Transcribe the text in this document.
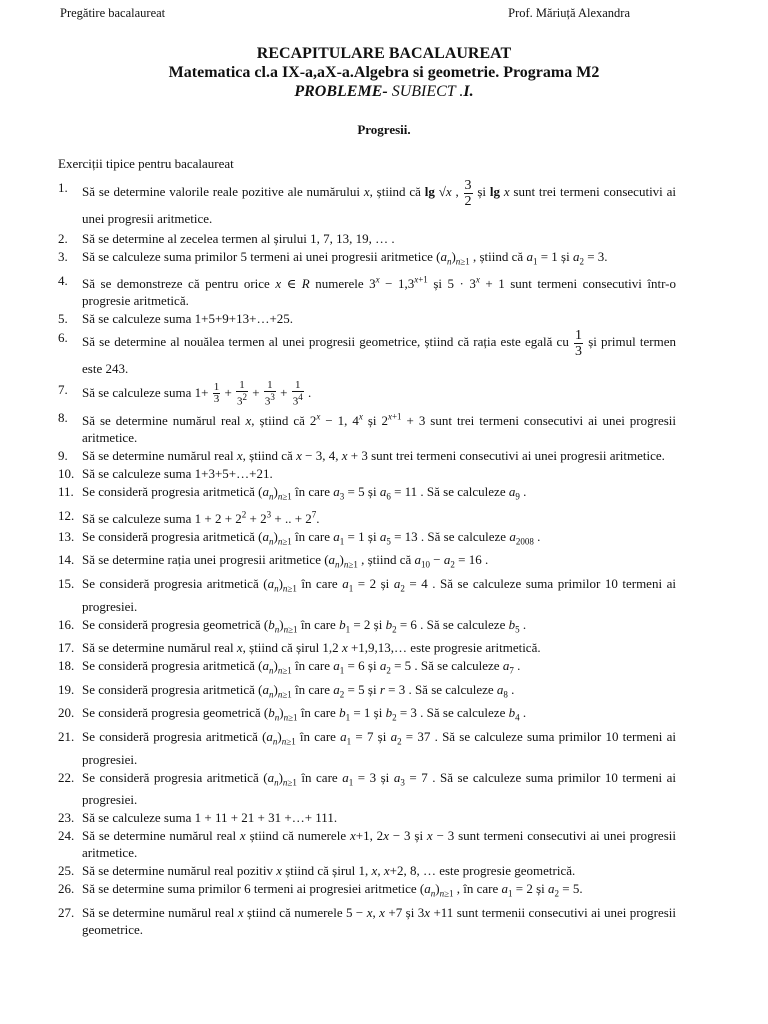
Pregătire bacalaureat	Prof. Măriuță Alexandra
RECAPITULARE BACALAUREAT
Matematica cl.a IX-a,aX-a.Algebra si geometrie. Programa M2
PROBLEME- SUBIECT .I.
Progresii.
Exerciții tipice pentru bacalaureat
1. Să se determine valorile reale pozitive ale numărului x, știind că lg √x , $\frac{3}{2}$ și lg x sunt trei termeni consecutivi ai unei progresii aritmetice.
2. Să se determine al zecelea termen al șirului 1, 7, 13, 19, … .
3. Să se calculeze suma primilor 5 termeni ai unei progresii aritmetice $(a_n)_{n\ge 1}$ , știind că $a_1 = 1$ și $a_2 = 3$.
4. Să se demonstreze că pentru orice x ∈ R numerele $3^x - 1,3^{x+1}$ și $5 \cdot 3^x + 1$ sunt termeni consecutivi într-o progresie aritmetică.
5. Să se calculeze suma 1+5+9+13+…+25.
6. Să se determine al nouălea termen al unei progresii geometrice, știind că rația este egală cu $\frac{1}{3}$ și primul termen este 243.
7. Să se calculeze suma $1+ \frac{1}{3} + \frac{1}{3^2} + \frac{1}{3^3} + \frac{1}{3^4}$ .
8. Să se determine numărul real x, știind că $2^x - 1$, 4$^x$ și $2^{x+1} + 3$ sunt trei termeni consecutivi ai unei progresii aritmetice.
9. Să se determine numărul real x, știind că x − 3, 4, x + 3 sunt trei termeni consecutivi ai unei progresii aritmetice.
10. Să se calculeze suma 1+3+5+…+21.
11. Se consideră progresia aritmetică $(a_n)_{n\ge 1}$ în care $a_3 = 5$ și $a_6 = 11$ . Să se calculeze $a_9$ .
12. Să se calculeze suma $1 + 2 + 2^2 + 2^3$ + .. + $2^7$.
13. Se consideră progresia aritmetică $(a_n)_{n\ge 1}$ în care $a_1 = 1$ și $a_5 = 13$ . Să se calculeze $a_{2008}$ .
14. Să se determine rația unei progresii aritmetice $(a_n)_{n\ge 1}$ , știind că $a_{10} - a_2 = 16$ .
15. Se consideră progresia aritmetică $(a_n)_{n\ge 1}$ în care $a_1 = 2$ și $a_2 = 4$ . Să se calculeze suma primilor 10 termeni ai progresiei.
16. Se consideră progresia geometrică $(b_n)_{n\ge 1}$ în care $b_1 = 2$ și $b_2 = 6$ . Să se calculeze $b_5$ .
17. Să se determine numărul real x, știind că șirul 1,2 x +1,9,13,… este progresie aritmetică.
18. Se consideră progresia aritmetică $(a_n)_{n\ge 1}$ în care $a_1 = 6$ și $a_2 = 5$ . Să se calculeze $a_7$ .
19. Se consideră progresia aritmetică $(a_n)_{n\ge 1}$ în care $a_2 = 5$ și r = 3 . Să se calculeze $a_8$ .
20. Se consideră progresia geometrică $(b_n)_{n\ge 1}$ în care $b_1 = 1$ și $b_2 = 3$ . Să se calculeze $b_4$ .
21. Se consideră progresia aritmetică $(a_n)_{n\ge 1}$ în care $a_1 = 7$ și $a_2 = 37$ . Să se calculeze suma primilor 10 termeni ai progresiei.
22. Se consideră progresia aritmetică $(a_n)_{n\ge 1}$ în care $a_1 = 3$ și $a_3 = 7$ . Să se calculeze suma primilor 10 termeni ai progresiei.
23. Să se calculeze suma 1 + 11 + 21 + 31 +…+ 111.
24. Să se determine numărul real x știind că numerele x+1, 2x − 3 și x − 3 sunt termeni consecutivi ai unei progresii aritmetice.
25. Să se determine numărul real pozitiv x știind că șirul 1, x, x+2, 8, … este progresie geometrică.
26. Să se determine suma primilor 6 termeni ai progresiei aritmetice $(a_n)_{n\ge 1}$ , în care $a_1 = 2$ și $a_2 = 5$.
27. Să se determine numărul real x știind că numerele 5 − x, x +7 și 3x +11 sunt termenii consecutivi ai unei progresii geometrice.
